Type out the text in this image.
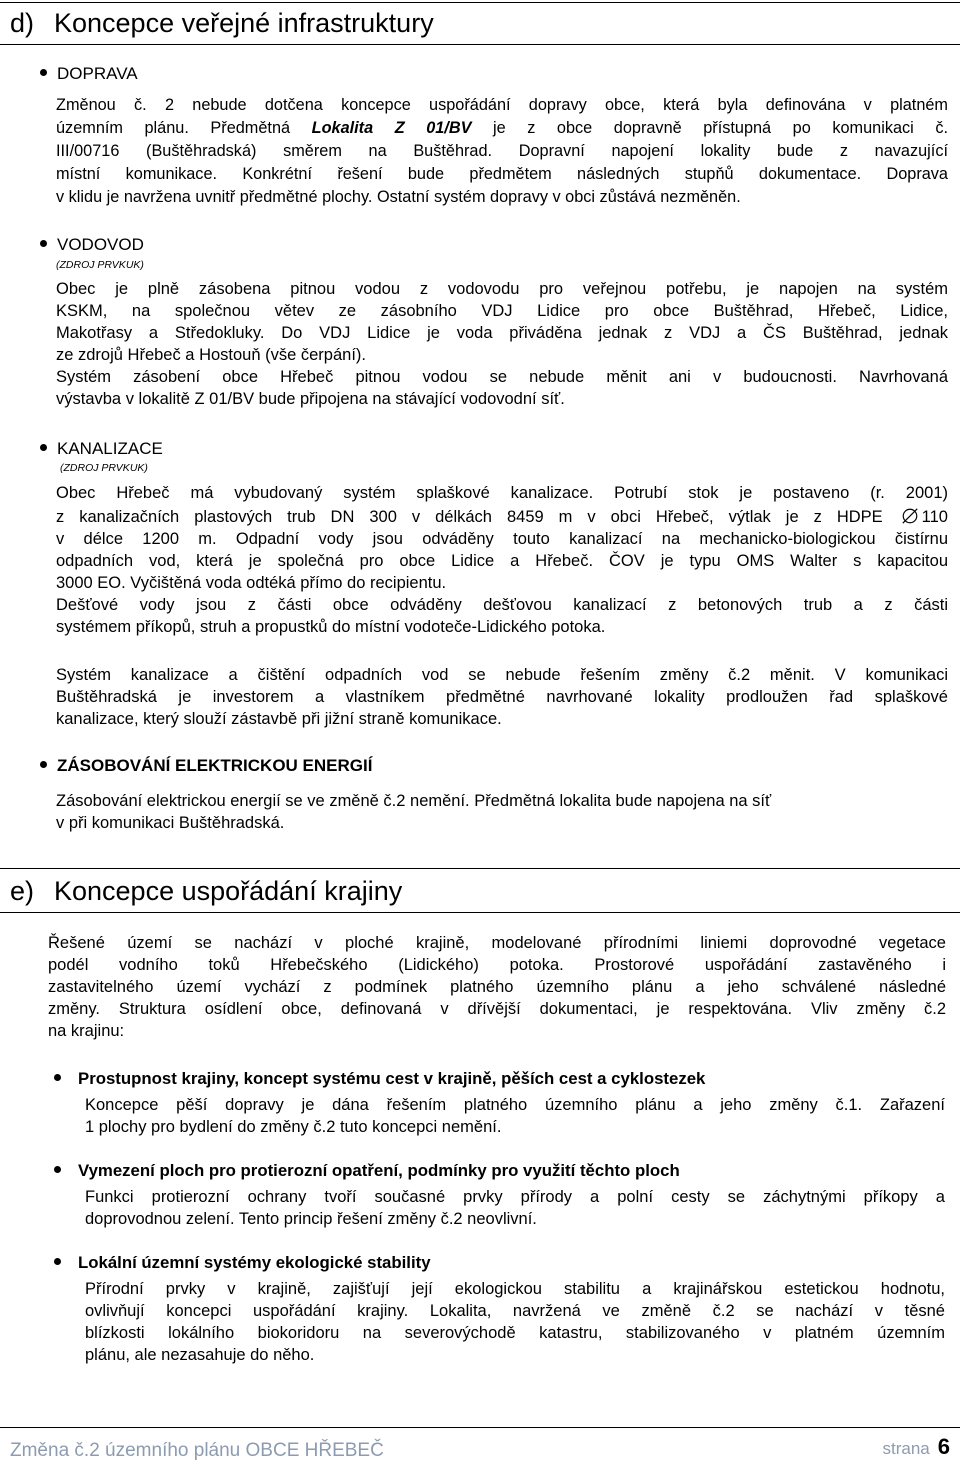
d) Koncepce veřejné infrastruktury
DOPRAVA
Změnou č. 2 nebude dotčena koncepce uspořádání dopravy obce, která byla definována v platném
územním plánu. Předmětná Lokalita Z 01/BV je z obce dopravně přístupná po komunikaci č.
III/00716 (Buštěhradská) směrem na Buštěhrad. Dopravní napojení lokality bude z navazující
místní komunikace. Konkrétní řešení bude předmětem následných stupňů dokumentace. Doprava
v klidu je navržena uvnitř předmětné plochy. Ostatní systém dopravy v obci zůstává nezměněn.
VODOVOD
(ZDROJ PRVKUK)
Obec je plně zásobena pitnou vodou z vodovodu pro veřejnou potřebu, je napojen na systém
KSKM, na společnou větev ze zásobního VDJ Lidice pro obce Buštěhrad, Hřebeč, Lidice,
Makotřasy a Středokluky. Do VDJ Lidice je voda přiváděna jednak z VDJ a ČS Buštěhrad, jednak
ze zdrojů Hřebeč a Hostouň (vše čerpání).
Systém zásobení obce Hřebeč pitnou vodou se nebude měnit ani v budoucnosti. Navrhovaná
výstavba v lokalitě Z 01/BV bude připojena na stávající vodovodní síť.
KANALIZACE
(ZDROJ PRVKUK)
Obec Hřebeč má vybudovaný systém splaškové kanalizace. Potrubí stok je postaveno (r. 2001)
z kanalizačních plastových trub DN 300 v délkách 8459 m v obci Hřebeč, výtlak je z HDPE 110
v délce 1200 m. Odpadní vody jsou odváděny touto kanalizací na mechanicko-biologickou čistírnu
odpadních vod, která je společná pro obce Lidice a Hřebeč. ČOV je typu OMS Walter s kapacitou
3000 EO. Vyčištěná voda odtéká přímo do recipientu.
Dešťové vody jsou z části obce odváděny dešťovou kanalizací z betonových trub a z části
systémem příkopů, struh a propustků do místní vodoteče-Lidického potoka.
Systém kanalizace a čištění odpadních vod se nebude řešením změny č.2 měnit. V komunikaci
Buštěhradská je investorem a vlastníkem předmětné navrhované lokality prodloužen řad splaškové
kanalizace, který slouží zástavbě při jižní straně komunikace.
ZÁSOBOVÁNÍ ELEKTRICKOU ENERGIÍ
Zásobování elektrickou energií se ve změně č.2 nemění. Předmětná lokalita bude napojena na síť
v při komunikaci Buštěhradská.
e) Koncepce uspořádání krajiny
Řešené území se nachází v ploché krajině, modelované přírodními liniemi doprovodné vegetace
podél vodního toků Hřebečského (Lidického) potoka. Prostorové uspořádání zastavěného i
zastavitelného území vychází z podmínek platného územního plánu a jeho schválené následné
změny. Struktura osídlení obce, definovaná v dřívější dokumentaci, je respektována. Vliv změny č.2
na krajinu:
Prostupnost krajiny, koncept systému cest v krajině, pěších cest a cyklostezek
Koncepce pěší dopravy je dána řešením platného územního plánu a jeho změny č.1. Zařazení
1 plochy pro bydlení do změny č.2 tuto koncepci nemění.
Vymezení ploch pro protierozní opatření, podmínky pro využití těchto ploch
Funkci protierozní ochrany tvoří současné prvky přírody a polní cesty se záchytnými příkopy a
doprovodnou zelení. Tento princip řešení změny č.2 neovlivní.
Lokální územní systémy ekologické stability
Přírodní prvky v krajině, zajišťují její ekologickou stabilitu a krajinářskou estetickou hodnotu,
ovlivňují koncepci uspořádání krajiny. Lokalita, navržená ve změně č.2 se nachází v těsné
blízkosti lokálního biokoridoru na severovýchodě katastru, stabilizovaného v platném územním
plánu, ale nezasahuje do něho.
Změna č.2 územního plánu OBCE HŘEBEČ	strana 6
